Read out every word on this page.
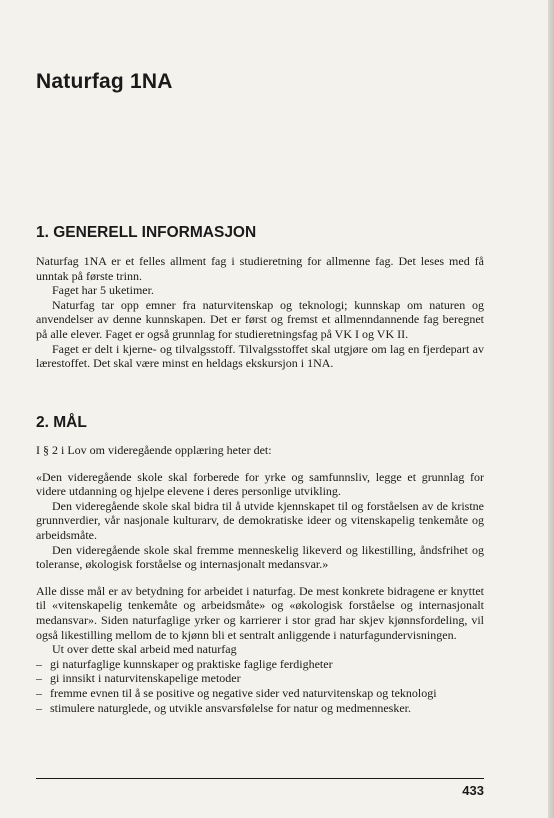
Naturfag 1NA
1. GENERELL INFORMASJON

Naturfag 1NA er et felles allment fag i studieretning for allmenne fag. Det leses med få unntak på første trinn.

Faget har 5 uketimer.

Naturfag tar opp emner fra naturvitenskap og teknologi; kunnskap om naturen og anvendelser av denne kunnskapen. Det er først og fremst et allmenndannende fag beregnet på alle elever. Faget er også grunnlag for studieretningsfag på VK I og VK II.

Faget er delt i kjerne- og tilvalgsstoff. Tilvalgsstoffet skal utgjøre om lag en fjerdepart av lærestoffet. Det skal være minst en heldags ekskursjon i 1NA.

2. MÅL

I § 2 i Lov om videregående opplæring heter det:

«Den videregående skole skal forberede for yrke og samfunnsliv, legge et grunnlag for videre utdanning og hjelpe elevene i deres personlige utvikling.

Den videregående skole skal bidra til å utvide kjennskapet til og forståelsen av de kristne grunnverdier, vår nasjonale kulturarv, de demokratiske ideer og vitenskapelig tenkemåte og arbeidsmåte.

Den videregående skole skal fremme menneskelig likeverd og likestilling, åndsfrihet og toleranse, økologisk forståelse og internasjonalt medansvar.»

Alle disse mål er av betydning for arbeidet i naturfag. De mest konkrete bidragene er knyttet til «vitenskapelig tenkemåte og arbeidsmåte» og «økologisk forståelse og internasjonalt medansvar». Siden naturfaglige yrker og karrierer i stor grad har skjev kjønnsfordeling, vil også likestilling mellom de to kjønn bli et sentralt anliggende i naturfagundervisningen.

Ut over dette skal arbeid med naturfag

– gi naturfaglige kunnskaper og praktiske faglige ferdigheter
– gi innsikt i naturvitenskapelige metoder
– fremme evnen til å se positive og negative sider ved naturvitenskap og teknologi
– stimulere naturglede, og utvikle ansvarsfølelse for natur og medmennesker.
433
